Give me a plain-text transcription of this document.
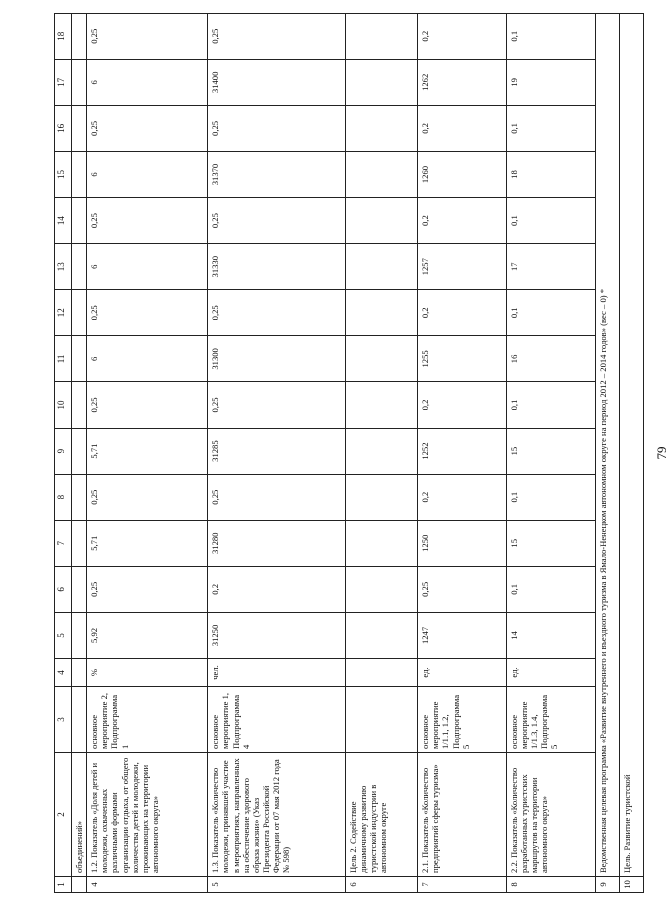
1	2	3	4	5	6	7	8	9	10	11	12	13	14	15	16	17	18
	объединений»																
4	1.2. Показатель «Доля детей и молодежи, охваченных различными формами организации отдыха, от общего количества детей и молодежи, проживающих на территории автономного округа»	основное мероприятие 2, Подпрограмма 1	%	5,92	0,25	5,71	0,25	5,71	0,25	6	0,25	6	0,25	6	0,25	6	0,25
5	1.3. Показатель «Количество молодежи, принявшей участие в мероприятиях, направленных на обеспечение здорового образа жизни» (Указ Президента Российской Федерации от 07 мая 2012 года № 598)	основное мероприятие 1, Подпрограмма 4	чел.	31250	0,2	31280	0,25	31285	0,25	31300	0,25	31330	0,25	31370	0,25	31400	0,25
6	Цель 2. Содействие динамичному развитию туристской индустрии в автономном округе																
7	2.1. Показатель «Количество предприятий сферы туризма»	основное мероприятие 1/1.1, 1.2, Подпрограмма 5	ед.	1247	0,25	1250	0,2	1252	0,2	1255	0,2	1257	0,2	1260	0,2	1262	0,2
8	2.2. Показатель «Количество разработанных туристских маршрутов на территории автономного округа»	основное мероприятие 1/1.3, 1.4, Подпрограмма 5	ед.	14	0,1	15	0,1	15	0,1	16	0,1	17	0,1	18	0,1	19	0,1
9	Ведомственная целевая программа «Развитие внутреннего и въездного туризма в Ямало-Ненецком автономном округе на период 2012 – 2014 годов» (вес – 0) *																
10	Цель. Развитие туристской																
79
